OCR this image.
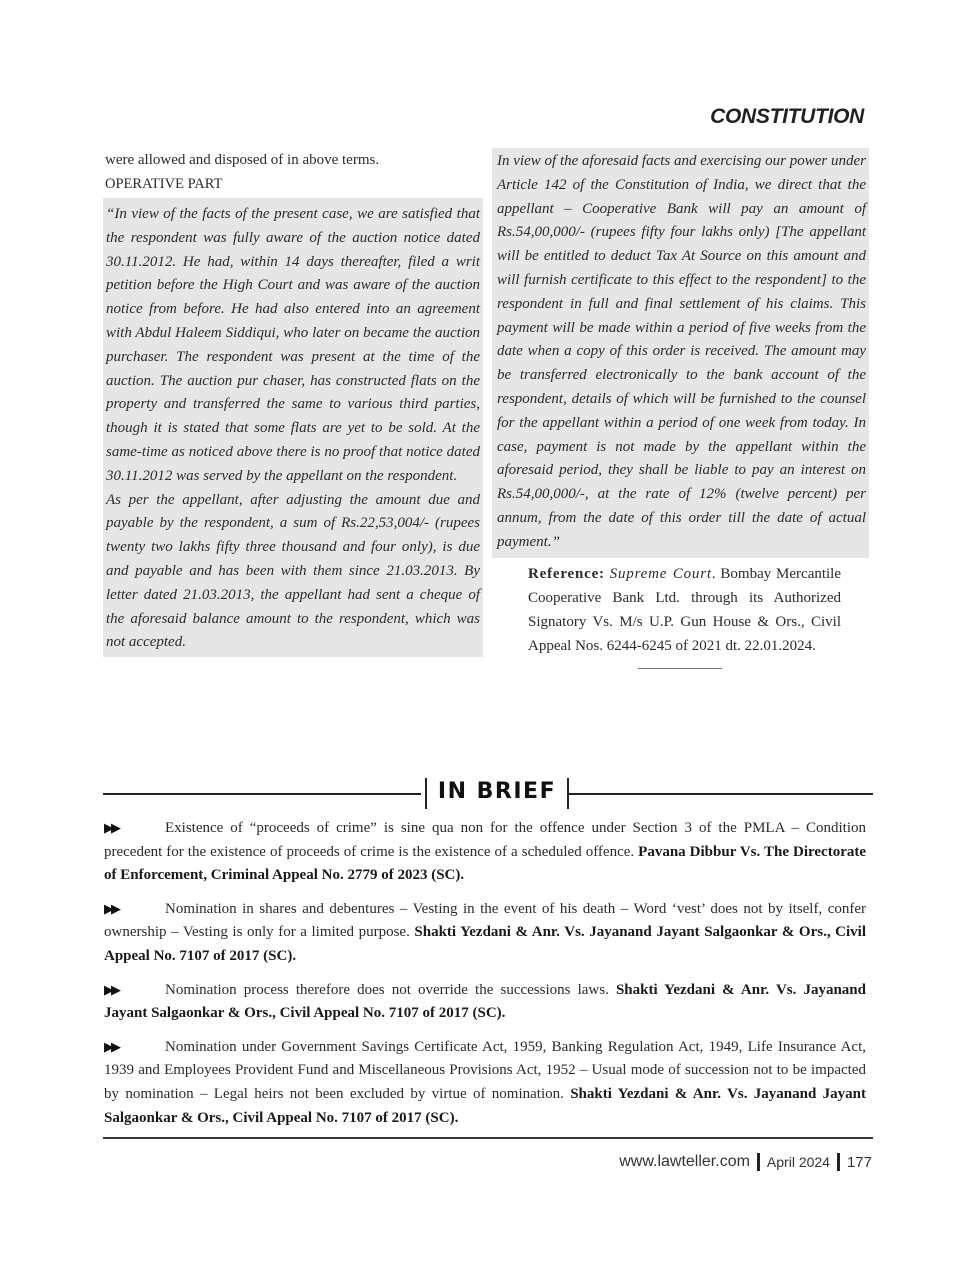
CONSTITUTION

were allowed and disposed of in above terms.

OPERATIVE PART

“In view of the facts of the present case, we are satisfied that the respondent was fully aware of the auction notice dated 30.11.2012. He had, within 14 days thereafter, filed a writ petition before the High Court and was aware of the auction notice from before. He had also entered into an agreement with Abdul Haleem Siddiqui, who later on became the auction purchaser. The respondent was present at the time of the auction. The auction pur chaser, has constructed flats on the property and transferred the same to various third parties, though it is stated that some flats are yet to be sold. At the same-time as noticed above there is no proof that notice dated 30.11.2012 was served by the appellant on the respondent.

As per the appellant, after adjusting the amount due and payable by the respondent, a sum of Rs.22,53,004/- (rupees twenty two lakhs fifty three thousand and four only), is due and payable and has been with them since 21.03.2013. By letter dated 21.03.2013, the appellant had sent a cheque of the aforesaid balance amount to the respondent, which was not accepted.

In view of the aforesaid facts and exercising our power under Article 142 of the Constitution of India, we direct that the appellant – Cooperative Bank will pay an amount of Rs.54,00,000/- (rupees fifty four lakhs only) [The appellant will be entitled to deduct Tax At Source on this amount and will furnish certificate to this effect to the respondent] to the respondent in full and final settlement of his claims. This payment will be made within a period of five weeks from the date when a copy of this order is received. The amount may be transferred electronically to the bank account of the respondent, details of which will be furnished to the counsel for the appellant within a period of one week from today. In case, payment is not made by the appellant within the aforesaid period, they shall be liable to pay an interest on Rs.54,00,000/-, at the rate of 12% (twelve percent) per annum, from the date of this order till the date of actual payment.”

Reference: Supreme Court. Bombay Mercantile Cooperative Bank Ltd. through its Authorized Signatory Vs. M/s U.P. Gun House & Ors., Civil Appeal Nos. 6244-6245 of 2021 dt. 22.01.2024.
IN BRIEF

▶▶	Existence of “proceeds of crime” is sine qua non for the offence under Section 3 of the PMLA – Condition precedent for the existence of proceeds of crime is the existence of a scheduled offence. Pavana Dibbur Vs. The Directorate of Enforcement, Criminal Appeal No. 2779 of 2023 (SC).

▶▶	Nomination in shares and debentures – Vesting in the event of his death – Word ‘vest’ does not by itself, confer ownership – Vesting is only for a limited purpose. Shakti Yezdani & Anr. Vs. Jayanand Jayant Salgaonkar & Ors., Civil Appeal No. 7107 of 2017 (SC).

▶▶	Nomination process therefore does not override the successions laws. Shakti Yezdani & Anr. Vs. Jayanand Jayant Salgaonkar & Ors., Civil Appeal No. 7107 of 2017 (SC).

▶▶	Nomination under Government Savings Certificate Act, 1959, Banking Regulation Act, 1949, Life Insurance Act, 1939 and Employees Provident Fund and Miscellaneous Provisions Act, 1952 – Usual mode of succession not to be impacted by nomination – Legal heirs not been excluded by virtue of nomination. Shakti Yezdani & Anr. Vs. Jayanand Jayant Salgaonkar & Ors., Civil Appeal No. 7107 of 2017 (SC).

www.lawteller.com April 2024 177
